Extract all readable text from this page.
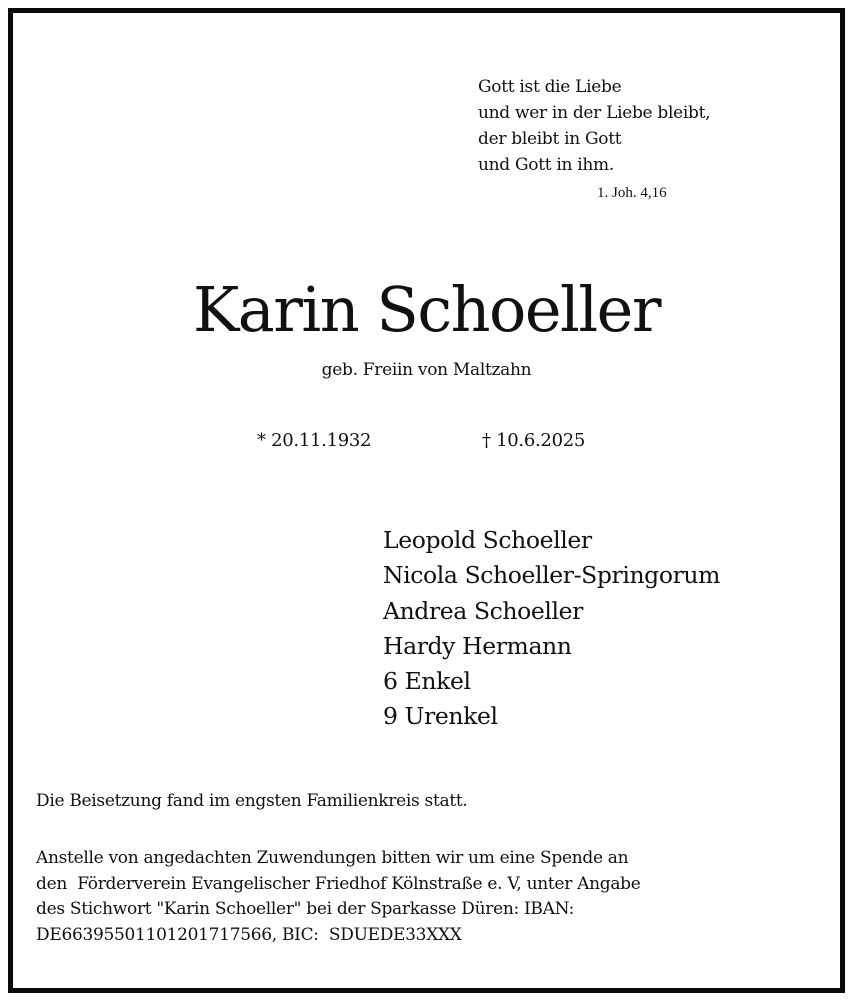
Gott ist die Liebe
und wer in der Liebe bleibt,
der bleibt in Gott
und Gott in ihm.
1. Joh. 4,16
Karin Schoeller
geb. Freiin von Maltzahn
* 20.11.1932	† 10.6.2025
Leopold Schoeller
Nicola Schoeller-Springorum
Andrea Schoeller
Hardy Hermann
6 Enkel
9 Urenkel

Die Beisetzung fand im engsten Familienkreis statt.

Anstelle von angedachten Zuwendungen bitten wir um eine Spende an
den  Förderverein Evangelischer Friedhof Kölnstraße e. V, unter Angabe
des Stichwort "Karin Schoeller" bei der Sparkasse Düren: IBAN:
DE66395501101201717566, BIC:  SDUEDE33XXX
